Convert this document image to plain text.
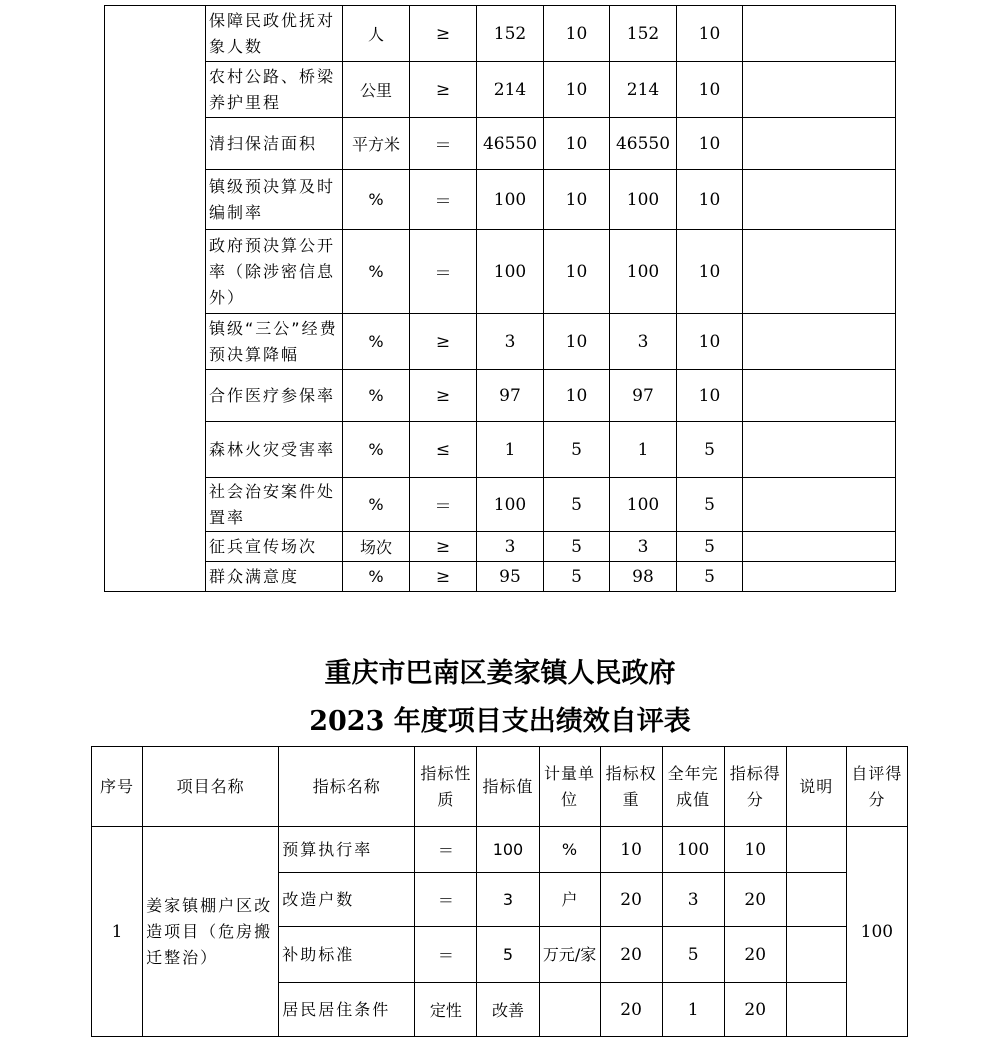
	保障民政优抚对象人数	人	≥	152	10	152	10	
	农村公路、桥梁养护里程	公里	≥	214	10	214	10	
	清扫保洁面积	平方米	＝	46550	10	46550	10	
	镇级预决算及时编制率	%	＝	100	10	100	10	
	政府预决算公开率（除涉密信息外）	%	＝	100	10	100	10	
	镇级“三公”经费预决算降幅	%	≥	3	10	3	10	
	合作医疗参保率	%	≥	97	10	97	10	
	森林火灾受害率	%	≤	1	5	1	5	
	社会治安案件处置率	%	＝	100	5	100	5	
	征兵宣传场次	场次	≥	3	5	3	5	
	群众满意度	%	≥	95	5	98	5	
重庆市巴南区姜家镇人民政府
2023 年度项目支出绩效自评表
序号	项目名称	指标名称	指标性质	指标值	计量单位	指标权重	全年完成值	指标得分	说明	自评得分
1	姜家镇棚户区改造项目（危房搬迁整治）	预算执行率	＝	100	%	10	100	10		100
		改造户数	＝	3	户	20	3	20		
		补助标准	＝	5	万元/家	20	5	20		
		居民居住条件	定性	改善		20	1	20		
